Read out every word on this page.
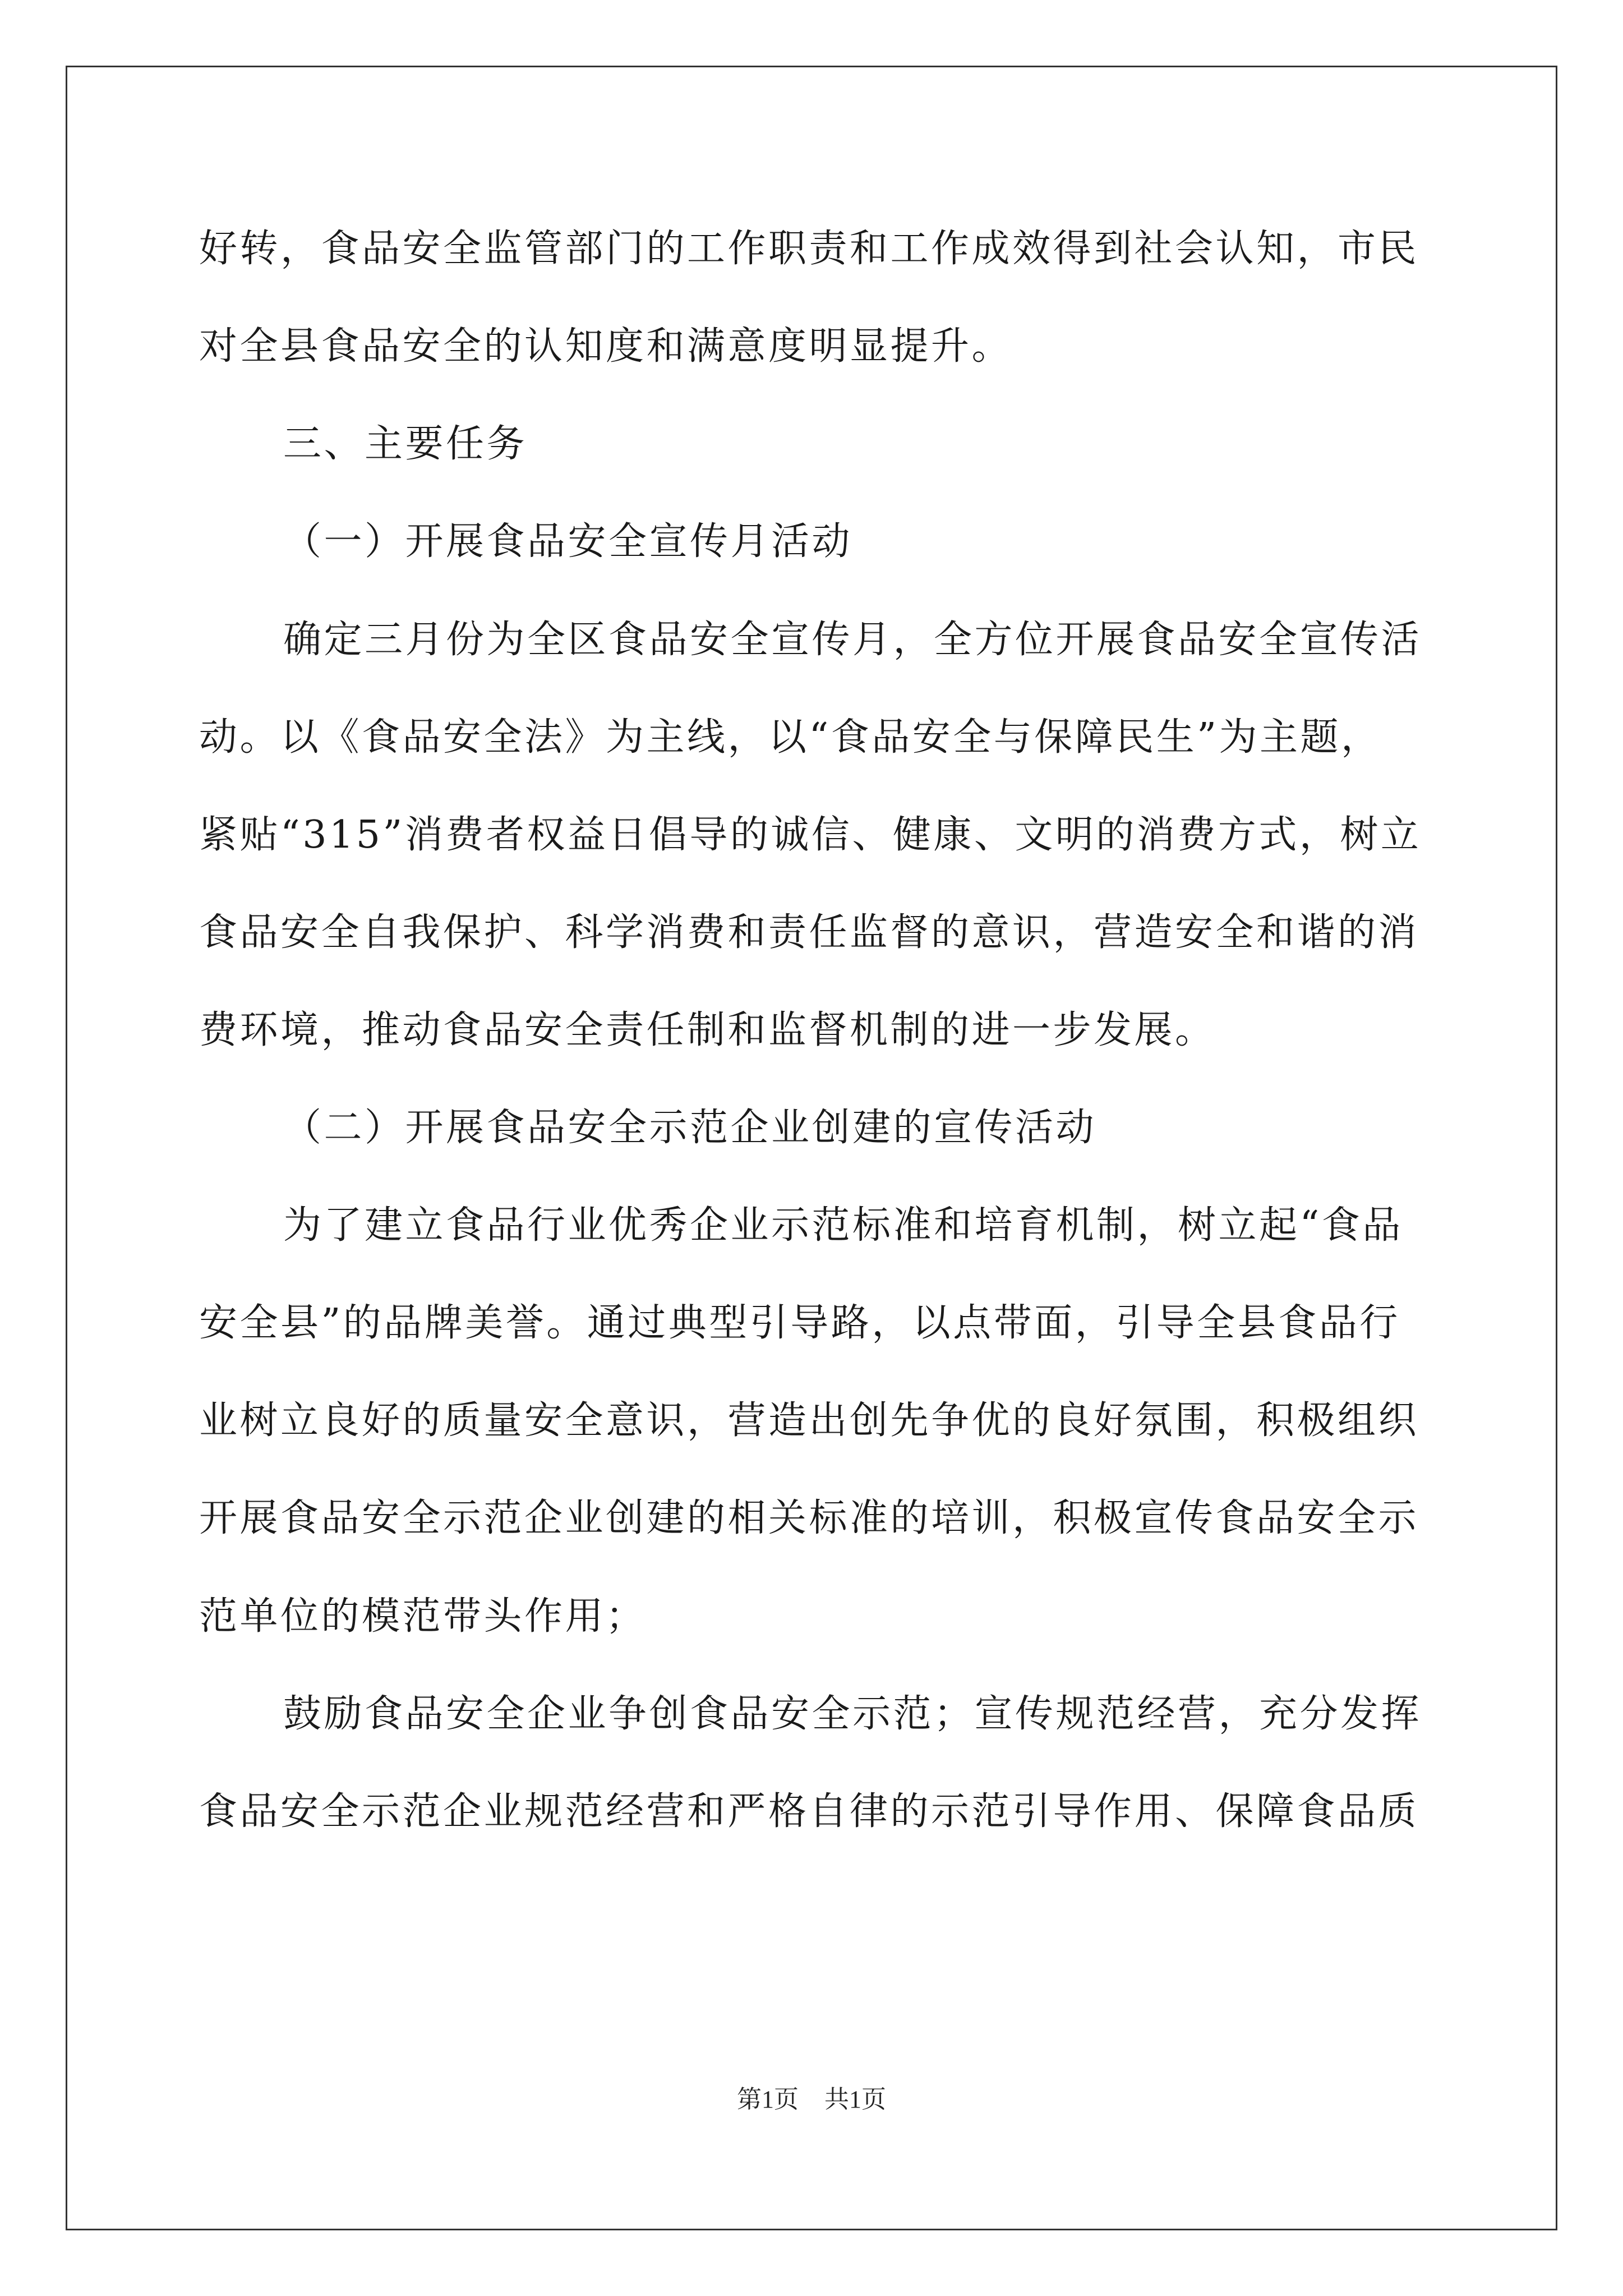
好转，食品安全监管部门的工作职责和工作成效得到社会认知，市民
对全县食品安全的认知度和满意度明显提升。
三、主要任务
（一）开展食品安全宣传月活动
确定三月份为全区食品安全宣传月，全方位开展食品安全宣传活
动。以《食品安全法》为主线，以“食品安全与保障民生”为主题，
紧贴“315”消费者权益日倡导的诚信、健康、文明的消费方式，树立
食品安全自我保护、科学消费和责任监督的意识，营造安全和谐的消
费环境，推动食品安全责任制和监督机制的进一步发展。
（二）开展食品安全示范企业创建的宣传活动
为了建立食品行业优秀企业示范标准和培育机制，树立起“食品
安全县”的品牌美誉。通过典型引导路，以点带面，引导全县食品行
业树立良好的质量安全意识，营造出创先争优的良好氛围，积极组织
开展食品安全示范企业创建的相关标准的培训，积极宣传食品安全示
范单位的模范带头作用；
鼓励食品安全企业争创食品安全示范；宣传规范经营，充分发挥
食品安全示范企业规范经营和严格自律的示范引导作用、保障食品质
第1页 共1页
